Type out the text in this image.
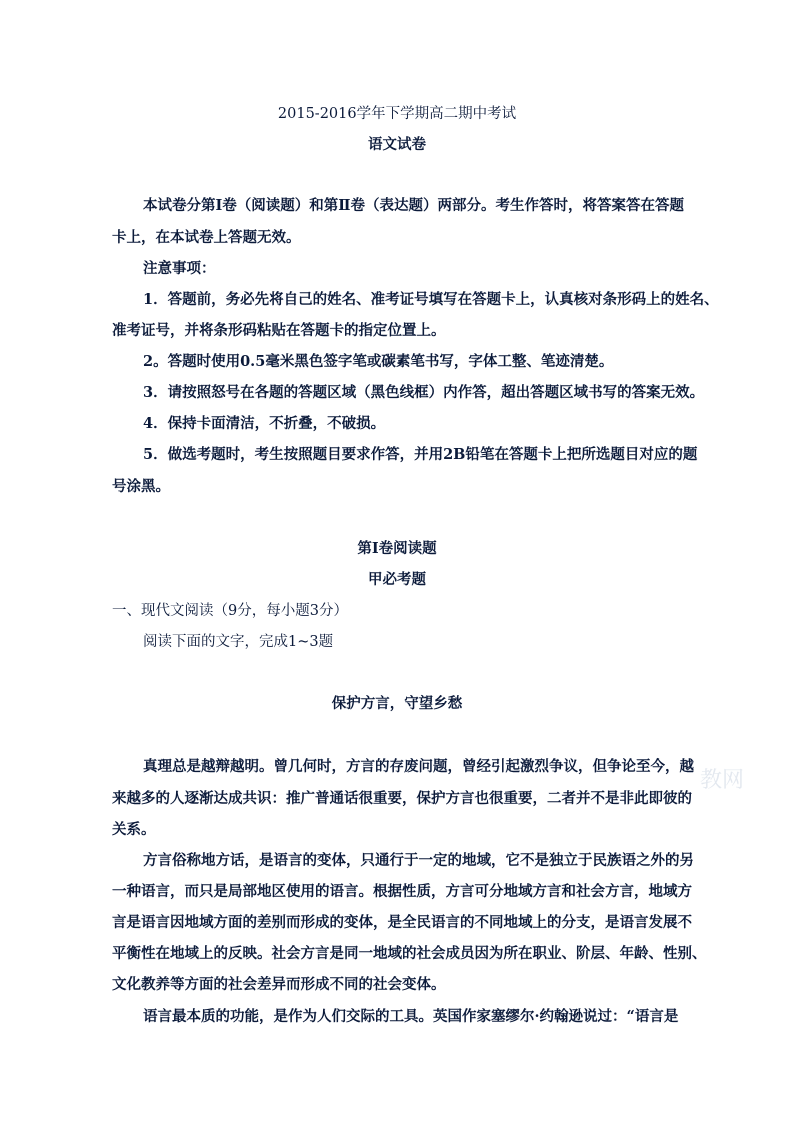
2015-2016学年下学期高二期中考试
语文试卷
本试卷分第Ⅰ卷（阅读题）和第Ⅱ卷（表达题）两部分。考生作答时，将答案答在答题
卡上，在本试卷上答题无效。
注意事项：
1．答题前，务必先将自己的姓名、准考证号填写在答题卡上，认真核对条形码上的姓名、
准考证号，并将条形码粘贴在答题卡的指定位置上。
2。答题时使用0.5毫米黑色签字笔或碳素笔书写，字体工整、笔迹清楚。
3．请按照怒号在各题的答题区域（黑色线框）内作答，超出答题区域书写的答案无效。
4．保持卡面清洁，不折叠，不破损。
5．做选考题时，考生按照题目要求作答，并用2B铅笔在答题卡上把所选题目对应的题
号涂黑。
第Ⅰ卷阅读题
甲必考题
一、现代文阅读（9分，每小题3分）
阅读下面的文字，完成1~3题
保护方言，守望乡愁
真理总是越辩越明。曾几何时，方言的存废问题，曾经引起激烈争议，但争论至今，越
来越多的人逐渐达成共识：推广普通话很重要，保护方言也很重要，二者并不是非此即彼的
关系。
方言俗称地方话，是语言的变体，只通行于一定的地域，它不是独立于民族语之外的另
一种语言，而只是局部地区使用的语言。根据性质，方言可分地域方言和社会方言，地域方
言是语言因地域方面的差别而形成的变体，是全民语言的不同地域上的分支，是语言发展不
平衡性在地域上的反映。社会方言是同一地域的社会成员因为所在职业、阶层、年龄、性别、
文化教养等方面的社会差异而形成不同的社会变体。
语言最本质的功能，是作为人们交际的工具。英国作家塞缪尔·约翰逊说过：“语言是
教网
